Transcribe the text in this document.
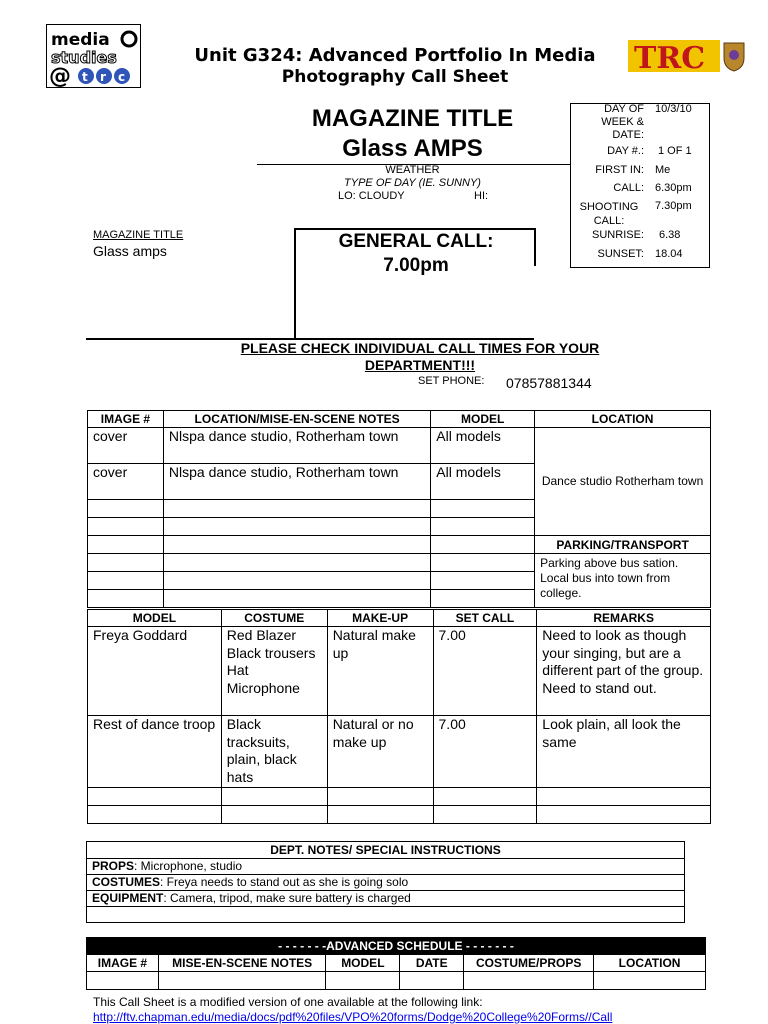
media
studies
@ t r c
Unit G324: Advanced Portfolio In Media
Photography Call Sheet
TRC
MAGAZINE TITLE
Glass AMPS
WEATHER
TYPE OF DAY (IE. SUNNY)
LO: CLOUDY	HI:
DAY OF WEEK & DATE:
10/3/10
DAY #.: 1 OF 1
FIRST IN: Me
CALL: 6.30pm
SHOOTING CALL:
7.30pm
SUNRISE: 6.38
SUNSET: 18.04
MAGAZINE TITLE
Glass amps	GENERAL CALL:
7.00pm
PLEASE CHECK INDIVIDUAL CALL TIMES FOR YOUR
DEPARTMENT!!!
SET PHONE: 07857881344
IMAGE #	LOCATION/MISE-EN-SCENE NOTES	MODEL	LOCATION
cover	Nlspa dance studio, Rotherham town	All models	Dance studio Rotherham town
cover	Nlspa dance studio, Rotherham town	All models	

			PARKING/TRANSPORT
			Parking above bus sation. Local bus into town from college.

MODEL	COSTUME	MAKE-UP	SET CALL	REMARKS
Freya Goddard	Red Blazer Black trousers Hat Microphone	Natural make up	7.00	Need to look as though your singing, but are a different part of the group. Need to stand out.
Rest of dance troop	Black tracksuits, plain, black hats	Natural or no make up	7.00	Look plain, all look the same

DEPT. NOTES/ SPECIAL INSTRUCTIONS
PROPS: Microphone, studio
COSTUMES: Freya needs to stand out as she is going solo
EQUIPMENT: Camera, tripod, make sure battery is charged

- - - - - - -ADVANCED SCHEDULE - - - - - - -					
IMAGE #	MISE-EN-SCENE NOTES	MODEL	DATE	COSTUME/PROPS	LOCATION

This Call Sheet is a modified version of one available at the following link:
http://ftv.chapman.edu/media/docs/pdf%20files/VPO%20forms/Dodge%20College%20Forms//Call
